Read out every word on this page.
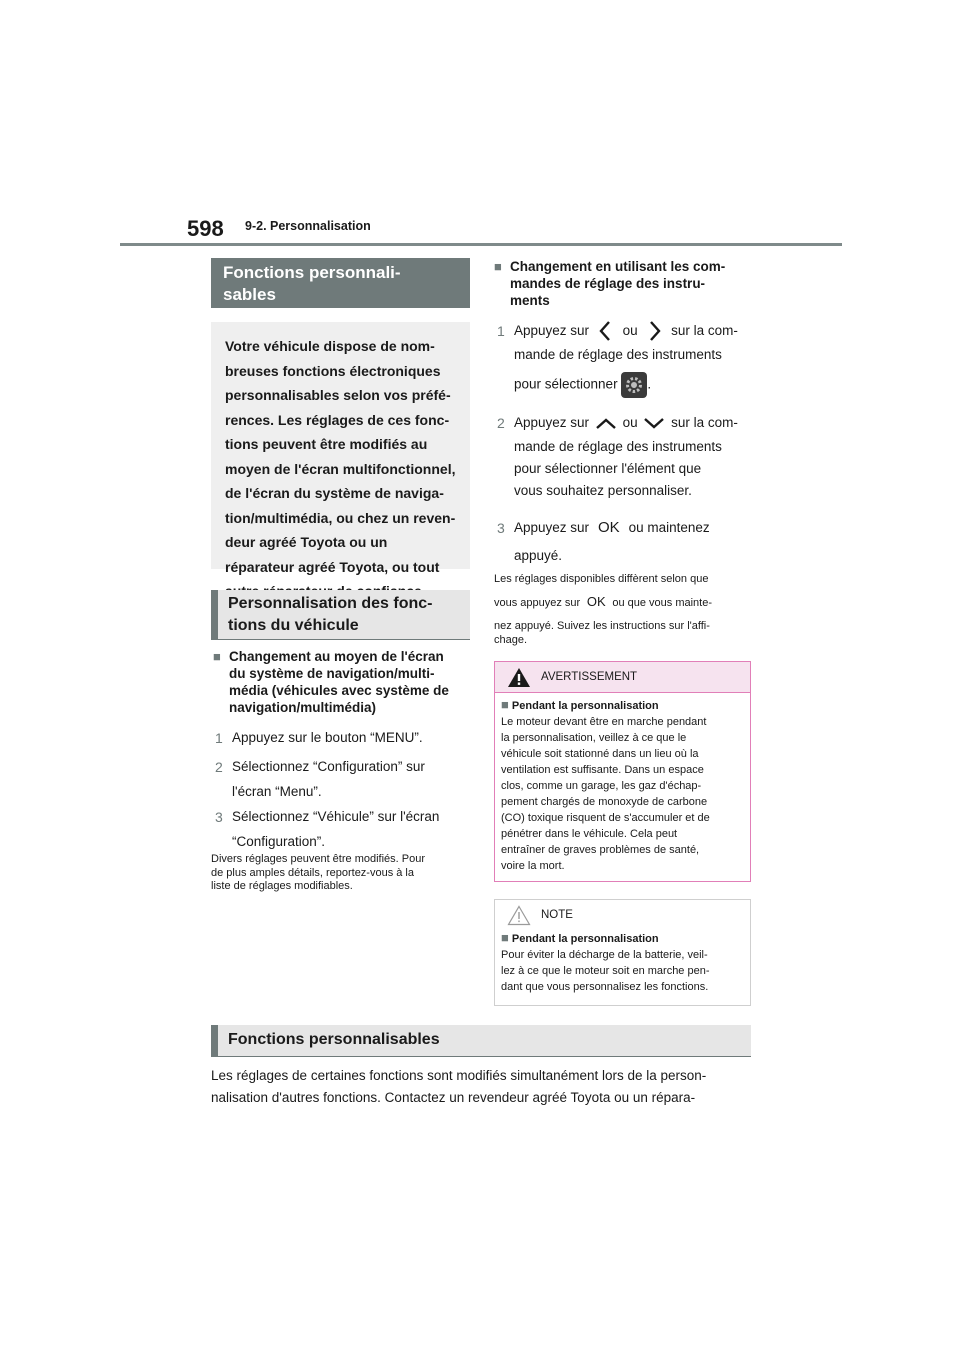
598 9-2. Personnalisation
Fonctions personnali-
sables
Votre véhicule dispose de nom-
breuses fonctions électroniques
personnalisables selon vos préfé-
rences. Les réglages de ces fonc-
tions peuvent être modifiés au
moyen de l'écran multifonctionnel,
de l'écran du système de naviga-
tion/multimédia, ou chez un reven-
deur agréé Toyota ou un
réparateur agréé Toyota, ou tout
Personnalisation des fonc-
tions du véhicule
■ Changement au moyen de l'écran
du système de navigation/multi-
média (véhicules avec système de
navigation/multimédia)
1 Appuyez sur le bouton “MENU”.
2 Sélectionnez “Configuration” sur
l'écran “Menu”.
3 Sélectionnez “Véhicule” sur l'écran
“Configuration”.
Divers réglages peuvent être modifiés. Pour
de plus amples détails, reportez-vous à la
liste de réglages modifiables.
■ Changement en utilisant les com-
mandes de réglage des instru-
ments
1 Appuyez sur ou sur la com-
mande de réglage des instruments
pour sélectionner .
2 Appuyez sur ou sur la com-
mande de réglage des instruments
pour sélectionner l'élément que
vous souhaitez personnaliser.
3 Appuyez sur OK ou maintenez
appuyé.
Les réglages disponibles diffèrent selon que
vous appuyez sur OK ou que vous mainte-
nez appuyé. Suivez les instructions sur l'affi-
chage.
AVERTISSEMENT
■ Pendant la personnalisation
Le moteur devant être en marche pendant
la personnalisation, veillez à ce que le
véhicule soit stationné dans un lieu où la
ventilation est suffisante. Dans un espace
clos, comme un garage, les gaz d'échap-
pement chargés de monoxyde de carbone
(CO) toxique risquent de s'accumuler et de
pénétrer dans le véhicule. Cela peut
entraîner de graves problèmes de santé,
voire la mort.
NOTE
■ Pendant la personnalisation
Pour éviter la décharge de la batterie, veil-
lez à ce que le moteur soit en marche pen-
dant que vous personnalisez les fonctions.
Fonctions personnalisables
Les réglages de certaines fonctions sont modifiés simultanément lors de la person-
nalisation d'autres fonctions. Contactez un revendeur agréé Toyota ou un répara-
